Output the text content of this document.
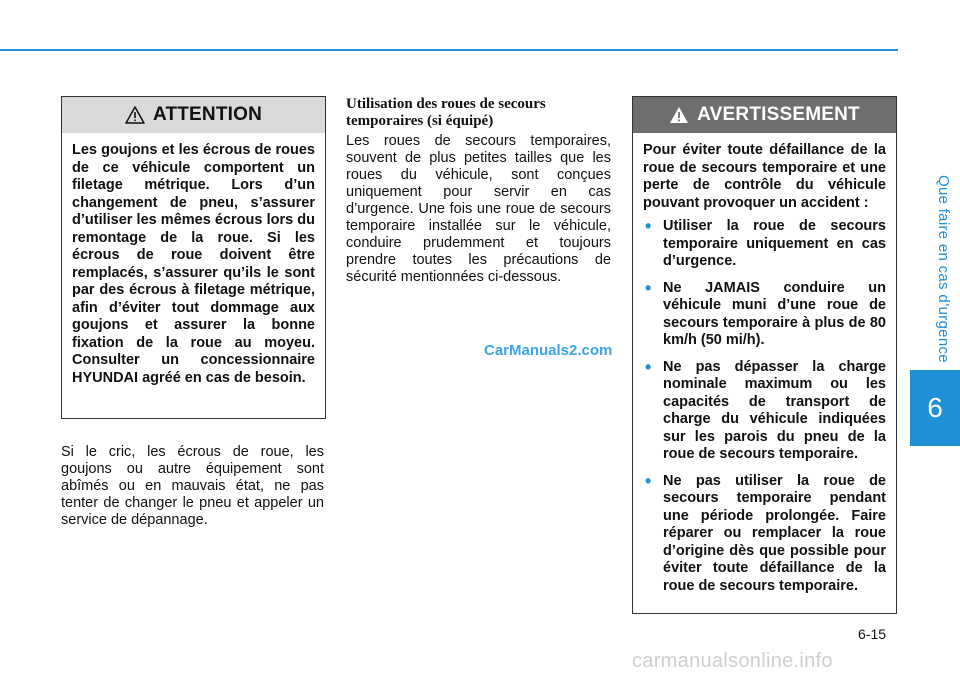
Que faire en cas d’urgence
6
ATTENTION

Les goujons et les écrous de roues de ce véhicule comportent un filetage métrique. Lors d’un changement de pneu, s’assurer d’utiliser les mêmes écrous lors du remontage de la roue. Si les écrous de roue doivent être remplacés, s’assurer qu’ils le sont par des écrous à filetage métrique, afin d’éviter tout dommage aux goujons et assurer la bonne fixation de la roue au moyeu. Consulter un concessionnaire HYUNDAI agréé en cas de besoin.

Si le cric, les écrous de roue, les goujons ou autre équipement sont abîmés ou en mauvais état, ne pas tenter de changer le pneu et appeler un service de dépannage.

Utilisation des roues de secours temporaires (si équipé)

Les roues de secours temporaires, souvent de plus petites tailles que les roues du véhicule, sont conçues uniquement pour servir en cas d’urgence. Une fois une roue de secours temporaire installée sur le véhicule, conduire prudemment et toujours prendre toutes les précautions de sécurité mentionnées ci-dessous.

CarManuals2.com
AVERTISSEMENT

Pour éviter toute défaillance de la roue de secours temporaire et une perte de contrôle du véhicule pouvant provoquer un accident :

• Utiliser la roue de secours temporaire uniquement en cas d’urgence.
• Ne JAMAIS conduire un véhicule muni d’une roue de secours temporaire à plus de 80 km/h (50 mi/h).
• Ne pas dépasser la charge nominale maximum ou les capacités de transport de charge du véhicule indiquées sur les parois du pneu de la roue de secours temporaire.
• Ne pas utiliser la roue de secours temporaire pendant une période prolongée. Faire réparer ou remplacer la roue d’origine dès que possible pour éviter toute défaillance de la roue de secours temporaire.
6-15
carmanualsonline.info
